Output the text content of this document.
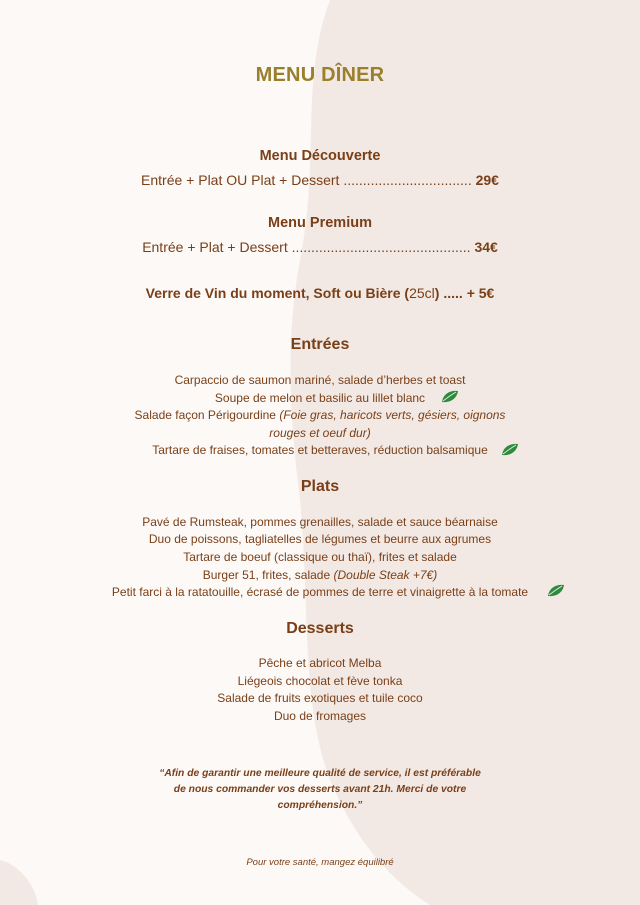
MENU DÎNER
Menu Découverte
Entrée + Plat OU Plat + Dessert ................................. 29€
Menu Premium
Entrée + Plat + Dessert .............................................. 34€
Verre de Vin du moment, Soft ou Bière (25cl) ..... + 5€
Entrées
Carpaccio de saumon mariné, salade d’herbes et toast
Soupe de melon et basilic au lillet blanc
Salade façon Périgourdine (Foie gras, haricots verts, gésiers, oignons
rouges et oeuf dur)
Tartare de fraises, tomates et betteraves, réduction balsamique
Plats
Pavé de Rumsteak, pommes grenailles, salade et sauce béarnaise
Duo de poissons, tagliatelles de légumes et beurre aux agrumes
Tartare de boeuf (classique ou thaï), frites et salade
Burger 51, frites, salade (Double Steak +7€)
Petit farci à la ratatouille, écrasé de pommes de terre et vinaigrette à la tomate
Desserts
Pêche et abricot Melba
Liégeois chocolat et fève tonka
Salade de fruits exotiques et tuile coco
Duo de fromages
“Afin de garantir une meilleure qualité de service, il est préférable
de nous commander vos desserts avant 21h. Merci de votre
compréhension.”
Pour votre santé, mangez équilibré
